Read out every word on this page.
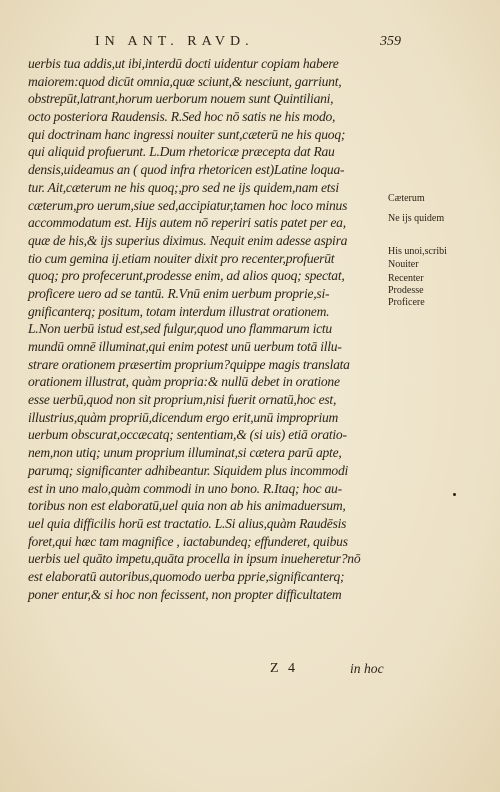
IN ANT. RAVD.	359
uerbis tua addis,ut ibi,interdū docti uidentur copiam habere
maiorem:quod dicūt omnia,quæ sciunt,& nesciunt, garriunt,
obstrepūt,latrant,horum uerborum nouem sunt Quintiliani,
octo posteriora Raudensis. R.Sed hoc nō satis ne his modo,
qui doctrinam hanc ingressi nouiter sunt,cæterū ne his quoq;
qui aliquid profuerunt. L.Dum rhetoricæ præcepta dat Rau
densis,uideamus an ( quod infra rhetoricen est)Latine loqua-
tur. Ait,cæterum ne his quoq;,pro sed ne ijs quidem,nam etsi
cæterum,pro uerum,siue sed,accipiatur,tamen hoc loco minus
accommodatum est. Hijs autem nō reperiri satis patet per ea,
quæ de his,& ijs superius diximus. Nequit enim adesse aspira
tio cum gemina ij.etiam nouiter dixit pro recenter,profuerūt
quoq; pro profecerunt,prodesse enim, ad alios quoq; spectat,
proficere uero ad se tantū. R.Vnū enim uerbum proprie,si-
gnificanterq; positum, totam interdum illustrat orationem.
L.Non uerbū istud est,sed fulgur,quod uno flammarum ictu
mundū omnē illuminat,qui enim potest unū uerbum totā illu-
strare orationem præsertim proprium?quippe magis translata
orationem illustrat, quàm propria:& nullū debet in oratione
esse uerbū,quod non sit proprium,nisi fuerit ornatū,hoc est,
illustrius,quàm propriū,dicendum ergo erit,unū improprium
uerbum obscurat,occæcatq; sententiam,& (si uis) etiā oratio-
nem,non utiq; unum proprium illuminat,si cætera parū apte,
parumq; significanter adhibeantur. Siquidem plus incommodi
est in uno malo,quàm commodi in uno bono. R.Itaq; hoc au-
toribus non est elaboratū,uel quia non ab his animaduersum,
uel quia difficilis horū est tractatio. L.Si alius,quàm Raudēsis
foret,qui hæc tam magnifice , iactabundeq; effunderet, quibus
uerbis uel quāto impetu,quāta procella in ipsum inueheretur?nō
est elaboratū autoribus,quomodo uerba pprie,significanterq;
poner entur,& si hoc non fecissent, non propter difficultatem
Cæterum
Ne ijs quidem
His unoi,scribi
Nouiter
Recenter
Prodesse
Proficere
Z 4	in hoc
